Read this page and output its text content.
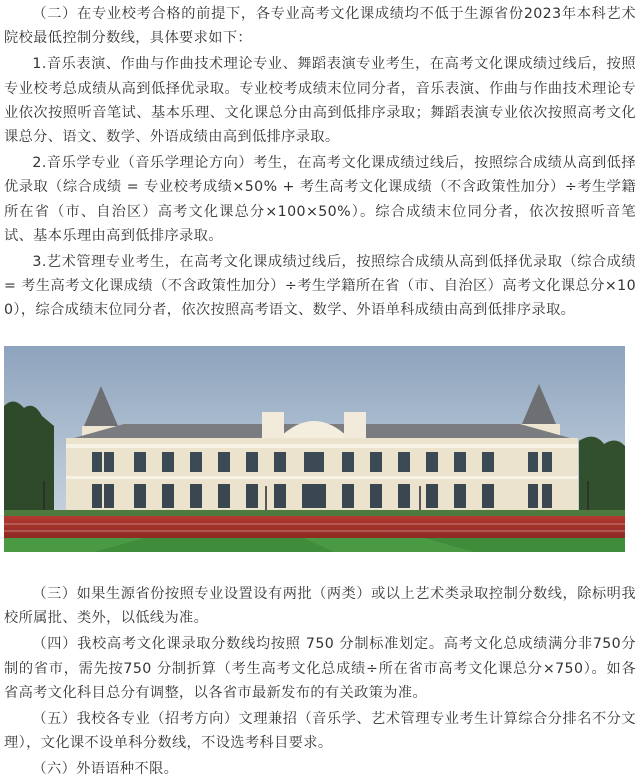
（二）在专业校考合格的前提下，各专业高考文化课成绩均不低于生源省份2023年本科艺术院校最低控制分数线，具体要求如下：

1.音乐表演、作曲与作曲技术理论专业、舞蹈表演专业考生，在高考文化课成绩过线后，按照专业校考总成绩从高到低择优录取。专业校考成绩末位同分者，音乐表演、作曲与作曲技术理论专业依次按照听音笔试、基本乐理、文化课总分由高到低排序录取；舞蹈表演专业依次按照高考文化课总分、语文、数学、外语成绩由高到低排序录取。

2.音乐学专业（音乐学理论方向）考生，在高考文化课成绩过线后，按照综合成绩从高到低择优录取（综合成绩 = 专业校考成绩×50% + 考生高考文化课成绩（不含政策性加分）÷考生学籍所在省（市、自治区）高考文化课总分×100×50%）。综合成绩末位同分者，依次按照听音笔试、基本乐理由高到低排序录取。

3.艺术管理专业考生，在高考文化课成绩过线后，按照综合成绩从高到低择优录取（综合成绩 = 考生高考文化课成绩（不含政策性加分）÷考生学籍所在省（市、自治区）高考文化课总分×100），综合成绩末位同分者，依次按照高考语文、数学、外语单科成绩由高到低排序录取。

（三）如果生源省份按照专业设置设有两批（两类）或以上艺术类录取控制分数线，除标明我校所属批、类外，以低线为准。

（四）我校高考文化课录取分数线均按照 750 分制标准划定。高考文化总成绩满分非750分制的省市，需先按750 分制折算（考生高考文化总成绩÷所在省市高考文化课总分×750）。如各省高考文化科目总分有调整，以各省市最新发布的有关政策为准。

（五）我校各专业（招考方向）文理兼招（音乐学、艺术管理专业考生计算综合分排名不分文理），文化课不设单科分数线，不设选考科目要求。

（六）外语语种不限。
